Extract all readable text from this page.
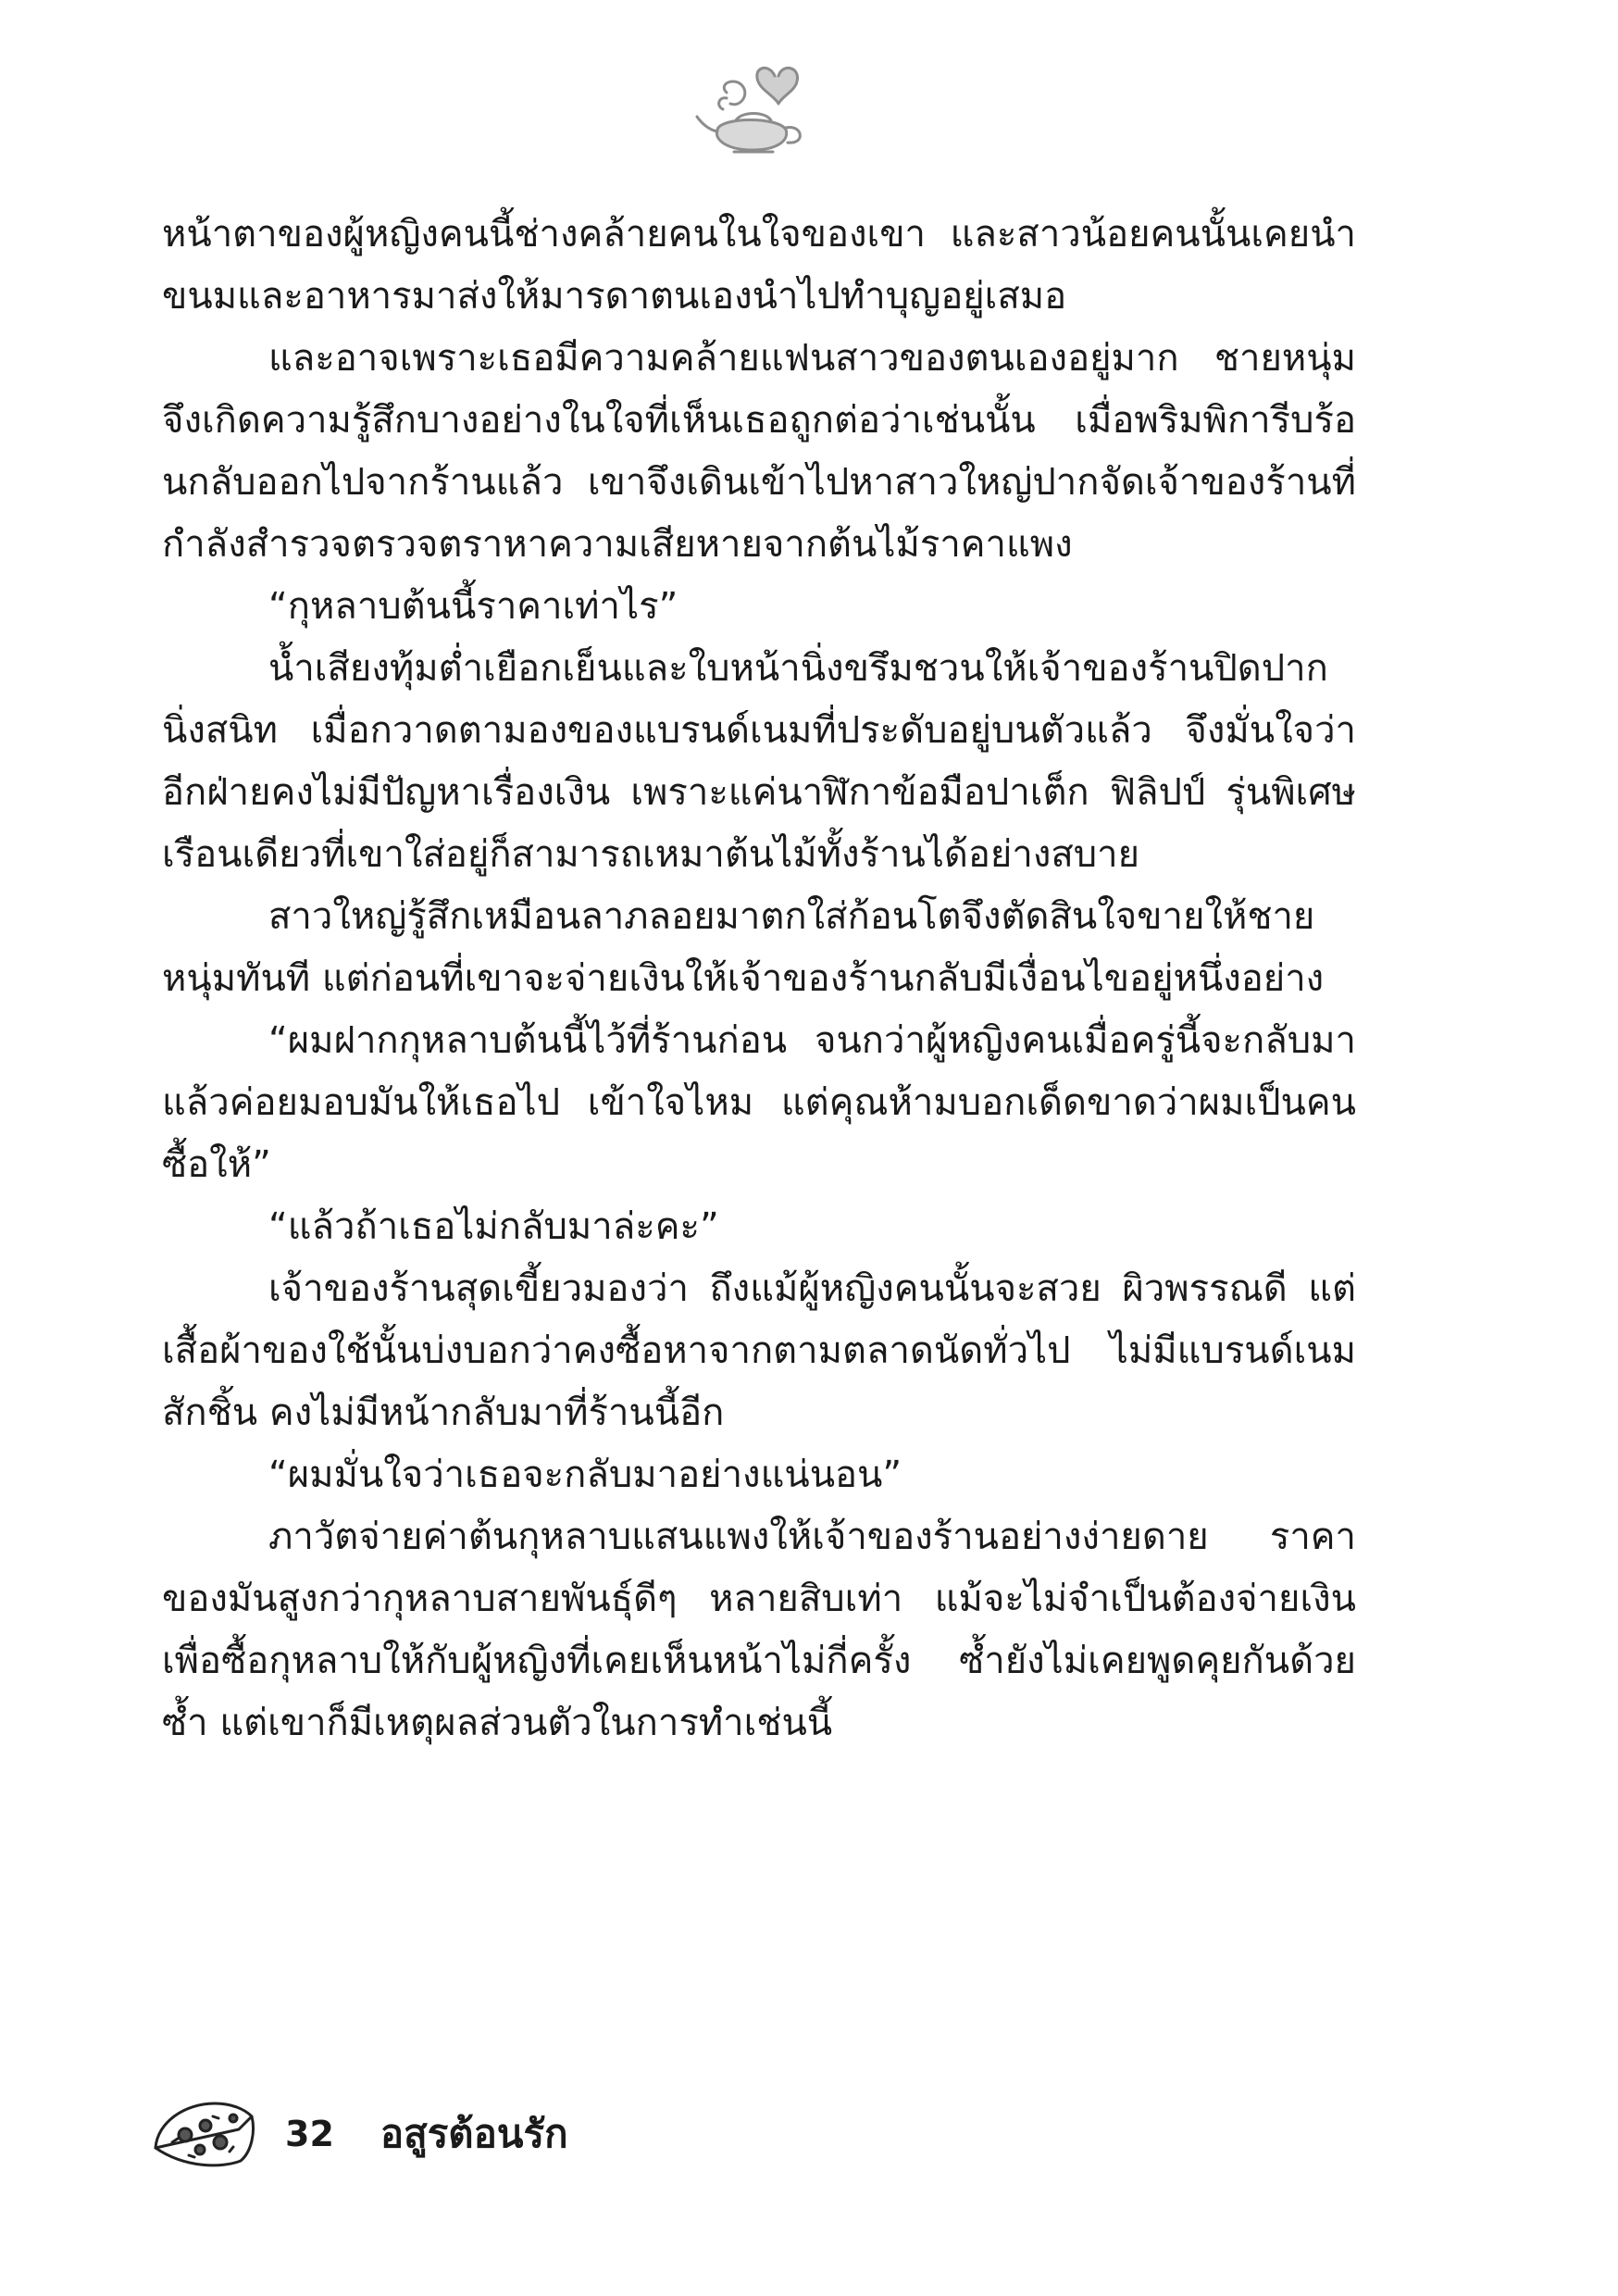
หน้าตาของผู้หญิงคนนี้ช่างคล้ายคนในใจของเขา และสาวน้อยคนนั้นเคยนำขนมและอาหารมาส่งให้มารดาตนเองนำไปทำบุญอยู่เสมอ

และอาจเพราะเธอมีความคล้ายแฟนสาวของตนเองอยู่มาก ชายหนุ่มจึงเกิดความรู้สึกบางอย่างในใจที่เห็นเธอถูกต่อว่าเช่นนั้น เมื่อพริมพิการีบร้อนกลับออกไปจากร้านแล้ว เขาจึงเดินเข้าไปหาสาวใหญ่ปากจัดเจ้าของร้านที่กำลังสำรวจตรวจตราหาความเสียหายจากต้นไม้ราคาแพง

“กุหลาบต้นนี้ราคาเท่าไร”

น้ำเสียงทุ้มต่ำเยือกเย็นและใบหน้านิ่งขรึมชวนให้เจ้าของร้านปิดปากนิ่งสนิท เมื่อกวาดตามองของแบรนด์เนมที่ประดับอยู่บนตัวแล้ว จึงมั่นใจว่าอีกฝ่ายคงไม่มีปัญหาเรื่องเงิน เพราะแค่นาฬิกาข้อมือปาเต็ก ฟิลิปป์ รุ่นพิเศษเรือนเดียวที่เขาใส่อยู่ก็สามารถเหมาต้นไม้ทั้งร้านได้อย่างสบาย

สาวใหญ่รู้สึกเหมือนลาภลอยมาตกใส่ก้อนโตจึงตัดสินใจขายให้ชายหนุ่มทันที แต่ก่อนที่เขาจะจ่ายเงินให้เจ้าของร้านกลับมีเงื่อนไขอยู่หนึ่งอย่าง

“ผมฝากกุหลาบต้นนี้ไว้ที่ร้านก่อน จนกว่าผู้หญิงคนเมื่อครู่นี้จะกลับมา แล้วค่อยมอบมันให้เธอไป เข้าใจไหม แต่คุณห้ามบอกเด็ดขาดว่าผมเป็นคนซื้อให้”

“แล้วถ้าเธอไม่กลับมาล่ะคะ”

เจ้าของร้านสุดเขี้ยวมองว่า ถึงแม้ผู้หญิงคนนั้นจะสวย ผิวพรรณดี แต่เสื้อผ้าของใช้นั้นบ่งบอกว่าคงซื้อหาจากตามตลาดนัดทั่วไป ไม่มีแบรนด์เนมสักชิ้น คงไม่มีหน้ากลับมาที่ร้านนี้อีก

“ผมมั่นใจว่าเธอจะกลับมาอย่างแน่นอน”

ภาวัตจ่ายค่าต้นกุหลาบแสนแพงให้เจ้าของร้านอย่างง่ายดาย ราคาของมันสูงกว่ากุหลาบสายพันธุ์ดีๆ หลายสิบเท่า แม้จะไม่จำเป็นต้องจ่ายเงินเพื่อซื้อกุหลาบให้กับผู้หญิงที่เคยเห็นหน้าไม่กี่ครั้ง ซ้ำยังไม่เคยพูดคุยกันด้วยซ้ำ แต่เขาก็มีเหตุผลส่วนตัวในการทำเช่นนี้

32 อสูรต้อนรัก
